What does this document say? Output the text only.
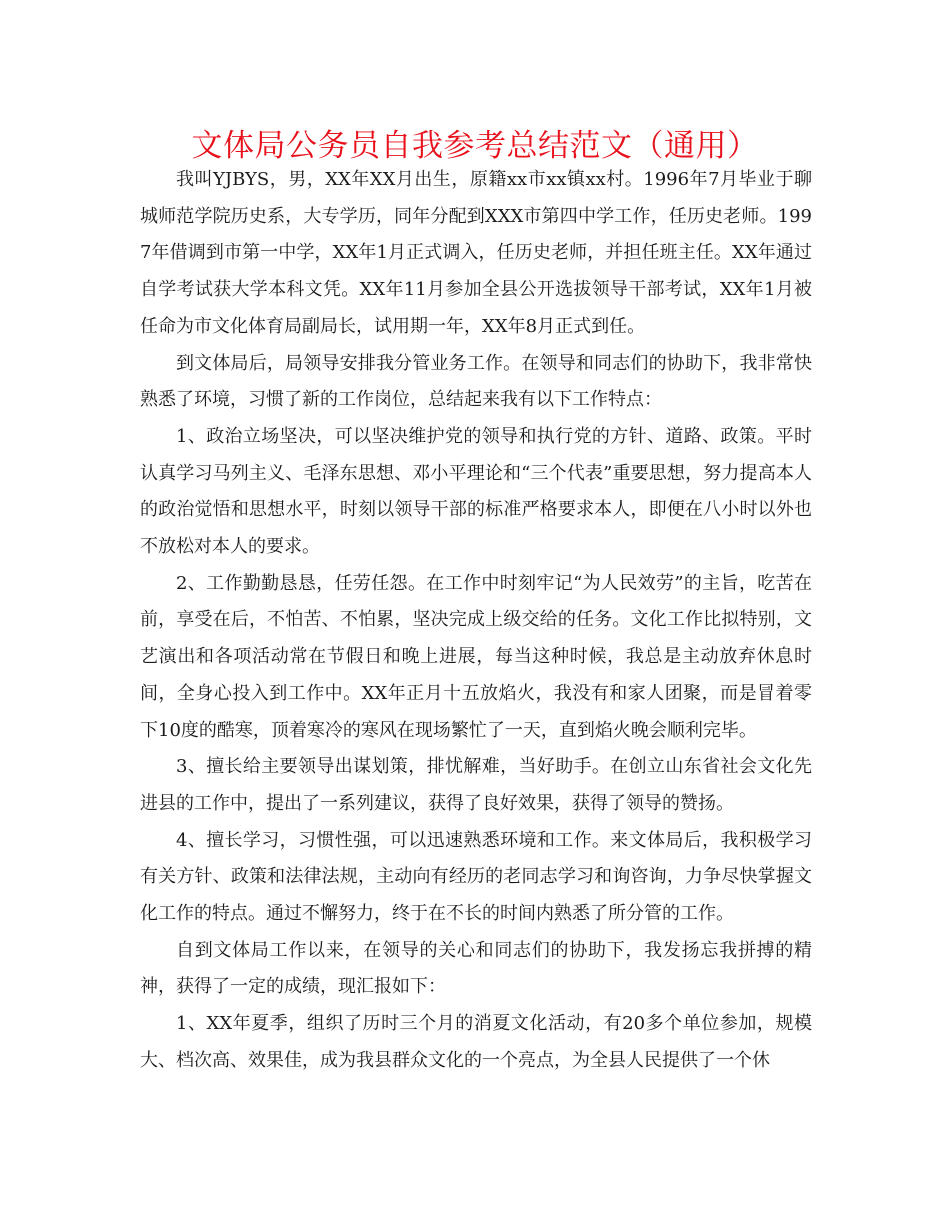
文体局公务员自我参考总结范文（通用）

我叫YJBYS，男，XX年XX月出生，原籍xx市xx镇xx村。1996年7月毕业于聊城师范学院历史系，大专学历，同年分配到XXX市第四中学工作，任历史老师。1997年借调到市第一中学，XX年1月正式调入，任历史老师，并担任班主任。XX年通过自学考试获大学本科文凭。XX年11月参加全县公开选拔领导干部考试，XX年1月被任命为市文化体育局副局长，试用期一年，XX年8月正式到任。

到文体局后，局领导安排我分管业务工作。在领导和同志们的协助下，我非常快熟悉了环境，习惯了新的工作岗位，总结起来我有以下工作特点：

1、政治立场坚决，可以坚决维护党的领导和执行党的方针、道路、政策。平时认真学习马列主义、毛泽东思想、邓小平理论和“三个代表”重要思想，努力提高本人的政治觉悟和思想水平，时刻以领导干部的标准严格要求本人，即便在八小时以外也不放松对本人的要求。

2、工作勤勤恳恳，任劳任怨。在工作中时刻牢记“为人民效劳”的主旨，吃苦在前，享受在后，不怕苦、不怕累，坚决完成上级交给的任务。文化工作比拟特别，文艺演出和各项活动常在节假日和晚上进展，每当这种时候，我总是主动放弃休息时间，全身心投入到工作中。XX年正月十五放焰火，我没有和家人团聚，而是冒着零下10度的酷寒，顶着寒冷的寒风在现场繁忙了一天，直到焰火晚会顺利完毕。

3、擅长给主要领导出谋划策，排忧解难，当好助手。在创立山东省社会文化先进县的工作中，提出了一系列建议，获得了良好效果，获得了领导的赞扬。

4、擅长学习，习惯性强，可以迅速熟悉环境和工作。来文体局后，我积极学习有关方针、政策和法律法规，主动向有经历的老同志学习和询咨询，力争尽快掌握文化工作的特点。通过不懈努力，终于在不长的时间内熟悉了所分管的工作。

自到文体局工作以来，在领导的关心和同志们的协助下，我发扬忘我拼搏的精神，获得了一定的成绩，现汇报如下：

1、XX年夏季，组织了历时三个月的消夏文化活动，有20多个单位参加，规模大、档次高、效果佳，成为我县群众文化的一个亮点，为全县人民提供了一个休
